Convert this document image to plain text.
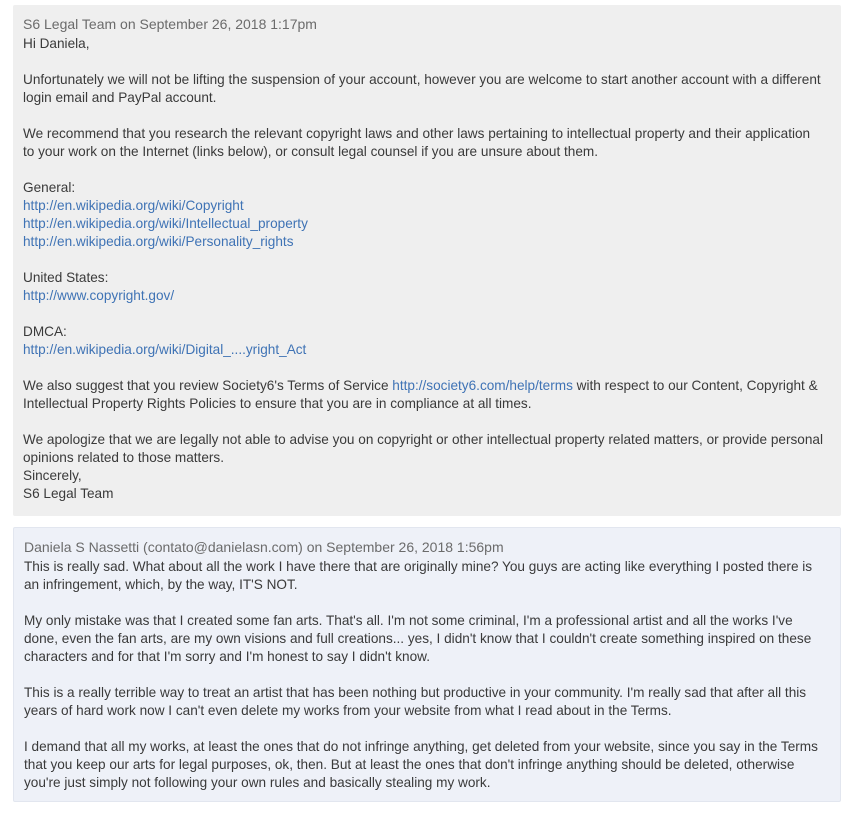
S6 Legal Team on September 26, 2018 1:17pm

Hi Daniela,

Unfortunately we will not be lifting the suspension of your account, however you are welcome to start another account with a different login email and PayPal account.

We recommend that you research the relevant copyright laws and other laws pertaining to intellectual property and their application to your work on the Internet (links below), or consult legal counsel if you are unsure about them.

General:

http://en.wikipedia.org/wiki/Copyright

http://en.wikipedia.org/wiki/Intellectual_property

http://en.wikipedia.org/wiki/Personality_rights

United States:

http://www.copyright.gov/

DMCA:

http://en.wikipedia.org/wiki/Digital_....yright_Act

We also suggest that you review Society6's Terms of Service http://society6.com/help/terms with respect to our Content, Copyright & Intellectual Property Rights Policies to ensure that you are in compliance at all times.

We apologize that we are legally not able to advise you on copyright or other intellectual property related matters, or provide personal opinions related to those matters.

Sincerely,

S6 Legal Team

Daniela S Nassetti (contato@danielasn.com) on September 26, 2018 1:56pm

This is really sad. What about all the work I have there that are originally mine? You guys are acting like everything I posted there is an infringement, which, by the way, IT'S NOT.

My only mistake was that I created some fan arts. That's all. I'm not some criminal, I'm a professional artist and all the works I've done, even the fan arts, are my own visions and full creations... yes, I didn't know that I couldn't create something inspired on these characters and for that I'm sorry and I'm honest to say I didn't know.

This is a really terrible way to treat an artist that has been nothing but productive in your community. I'm really sad that after all this years of hard work now I can't even delete my works from your website from what I read about in the Terms.

I demand that all my works, at least the ones that do not infringe anything, get deleted from your website, since you say in the Terms that you keep our arts for legal purposes, ok, then. But at least the ones that don't infringe anything should be deleted, otherwise you're just simply not following your own rules and basically stealing my work.
